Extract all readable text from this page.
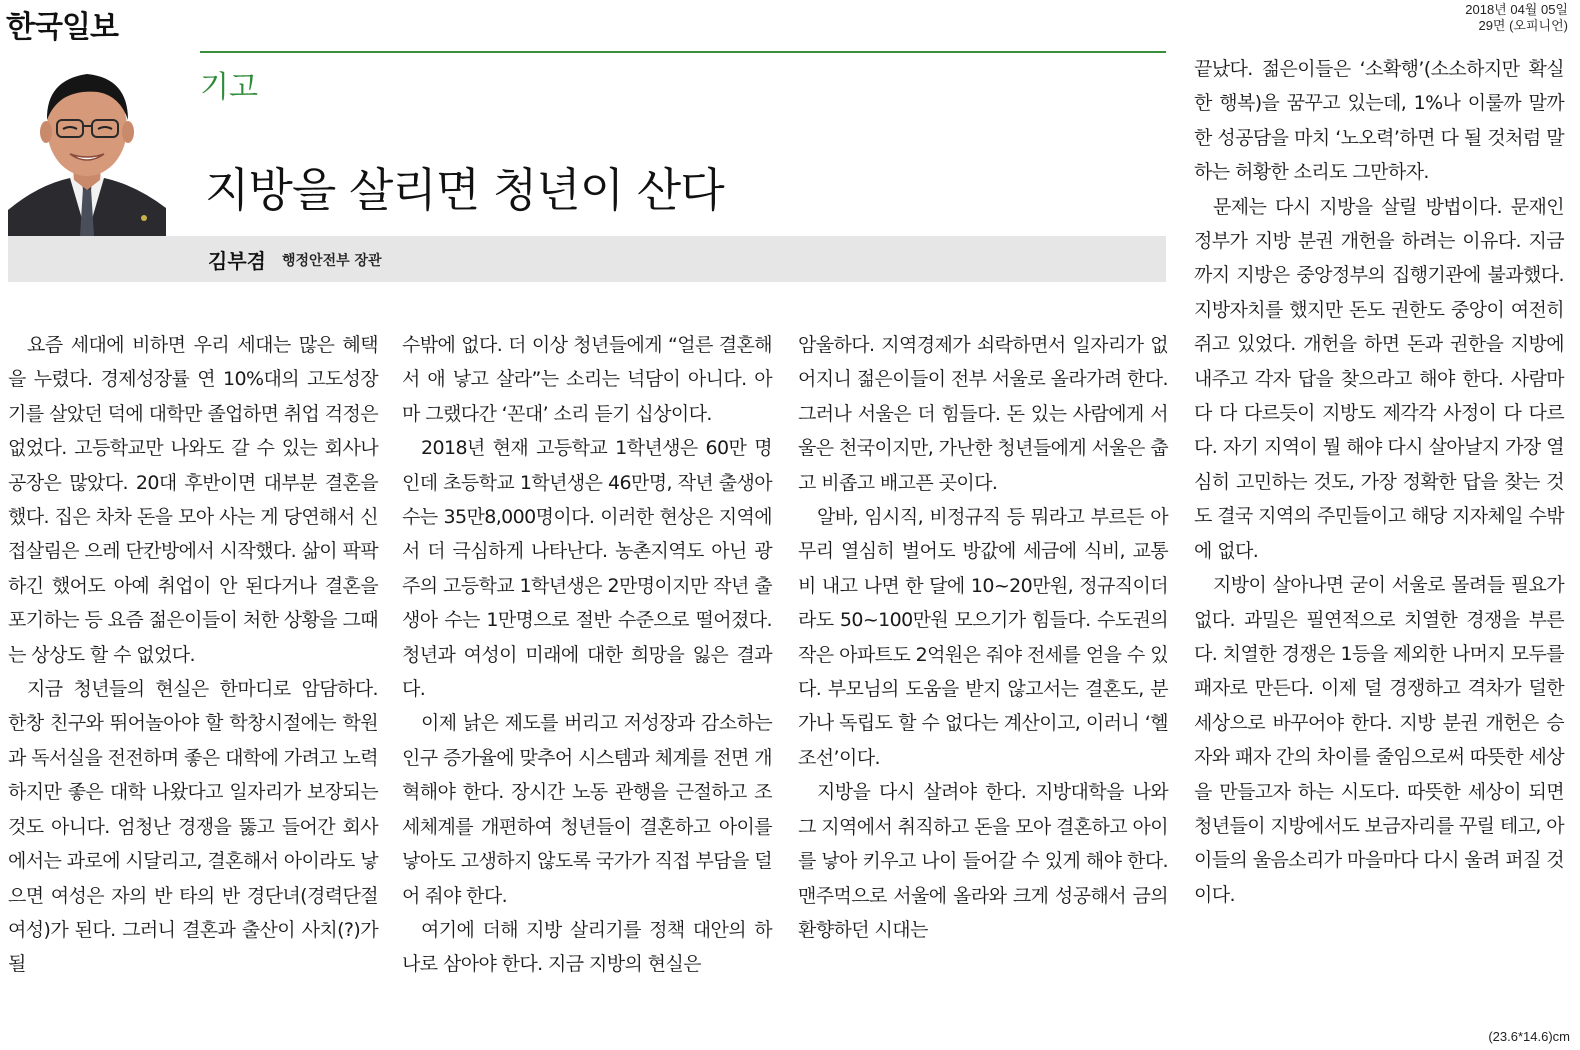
한국일보
2018년 04월 05일
29면 (오피니언)
기고
지방을 살리면 청년이 산다
김부겸 행정안전부 장관

요즘 세대에 비하면 우리 세대는 많은 혜택을 누렸다. 경제성장률 연 10%대의 고도성장기를 살았던 덕에 대학만 졸업하면 취업 걱정은 없었다. 고등학교만 나와도 갈 수 있는 회사나 공장은 많았다. 20대 후반이면 대부분 결혼을 했다. 집은 차차 돈을 모아 사는 게 당연해서 신접살림은 으레 단칸방에서 시작했다. 삶이 팍팍하긴 했어도 아예 취업이 안 된다거나 결혼을 포기하는 등 요즘 젊은이들이 처한 상황을 그때는 상상도 할 수 없었다.

지금 청년들의 현실은 한마디로 암담하다. 한창 친구와 뛰어놀아야 할 학창시절에는 학원과 독서실을 전전하며 좋은 대학에 가려고 노력하지만 좋은 대학 나왔다고 일자리가 보장되는 것도 아니다. 엄청난 경쟁을 뚫고 들어간 회사에서는 과로에 시달리고, 결혼해서 아이라도 낳으면 여성은 자의 반 타의 반 경단녀(경력단절여성)가 된다. 그러니 결혼과 출산이 사치(?)가 될

수밖에 없다. 더 이상 청년들에게 “얼른 결혼해서 애 낳고 살라”는 소리는 넉담이 아니다. 아마 그랬다간 ‘꼰대’ 소리 듣기 십상이다.

2018년 현재 고등학교 1학년생은 60만 명인데 초등학교 1학년생은 46만명, 작년 출생아 수는 35만8,000명이다. 이러한 현상은 지역에서 더 극심하게 나타난다. 농촌지역도 아닌 광주의 고등학교 1학년생은 2만명이지만 작년 출생아 수는 1만명으로 절반 수준으로 떨어졌다. 청년과 여성이 미래에 대한 희망을 잃은 결과다.

이제 낡은 제도를 버리고 저성장과 감소하는 인구 증가율에 맞추어 시스템과 체계를 전면 개혁해야 한다. 장시간 노동 관행을 근절하고 조세체계를 개편하여 청년들이 결혼하고 아이를 낳아도 고생하지 않도록 국가가 직접 부담을 덜어 줘야 한다.

여기에 더해 지방 살리기를 정책 대안의 하나로 삼아야 한다. 지금 지방의 현실은

암울하다. 지역경제가 쇠락하면서 일자리가 없어지니 젊은이들이 전부 서울로 올라가려 한다. 그러나 서울은 더 힘들다. 돈 있는 사람에게 서울은 천국이지만, 가난한 청년들에게 서울은 춥고 비좁고 배고픈 곳이다.

알바, 임시직, 비정규직 등 뭐라고 부르든 아무리 열심히 벌어도 방값에 세금에 식비, 교통비 내고 나면 한 달에 10~20만원, 정규직이더라도 50~100만원 모으기가 힘들다. 수도권의 작은 아파트도 2억원은 줘야 전세를 얻을 수 있다. 부모님의 도움을 받지 않고서는 결혼도, 분가나 독립도 할 수 없다는 계산이고, 이러니 ‘헬 조선’이다.

지방을 다시 살려야 한다. 지방대학을 나와 그 지역에서 취직하고 돈을 모아 결혼하고 아이를 낳아 키우고 나이 들어갈 수 있게 해야 한다. 맨주먹으로 서울에 올라와 크게 성공해서 금의환향하던 시대는

끝났다. 젊은이들은 ‘소확행’(소소하지만 확실한 행복)을 꿈꾸고 있는데, 1%나 이룰까 말까 한 성공담을 마치 ‘노오력’하면 다 될 것처럼 말하는 허황한 소리도 그만하자.

문제는 다시 지방을 살릴 방법이다. 문재인 정부가 지방 분권 개헌을 하려는 이유다. 지금까지 지방은 중앙정부의 집행기관에 불과했다. 지방자치를 했지만 돈도 권한도 중앙이 여전히 쥐고 있었다. 개헌을 하면 돈과 권한을 지방에 내주고 각자 답을 찾으라고 해야 한다. 사람마다 다 다르듯이 지방도 제각각 사정이 다 다르다. 자기 지역이 뭘 해야 다시 살아날지 가장 열심히 고민하는 것도, 가장 정확한 답을 찾는 것도 결국 지역의 주민들이고 해당 지자체일 수밖에 없다.

지방이 살아나면 굳이 서울로 몰려들 필요가 없다. 과밀은 필연적으로 치열한 경쟁을 부른다. 치열한 경쟁은 1등을 제외한 나머지 모두를 패자로 만든다. 이제 덜 경쟁하고 격차가 덜한 세상으로 바꾸어야 한다. 지방 분권 개헌은 승자와 패자 간의 차이를 줄임으로써 따뜻한 세상을 만들고자 하는 시도다. 따뜻한 세상이 되면 청년들이 지방에서도 보금자리를 꾸릴 테고, 아이들의 울음소리가 마을마다 다시 울려 퍼질 것이다.

(23.6*14.6)cm
